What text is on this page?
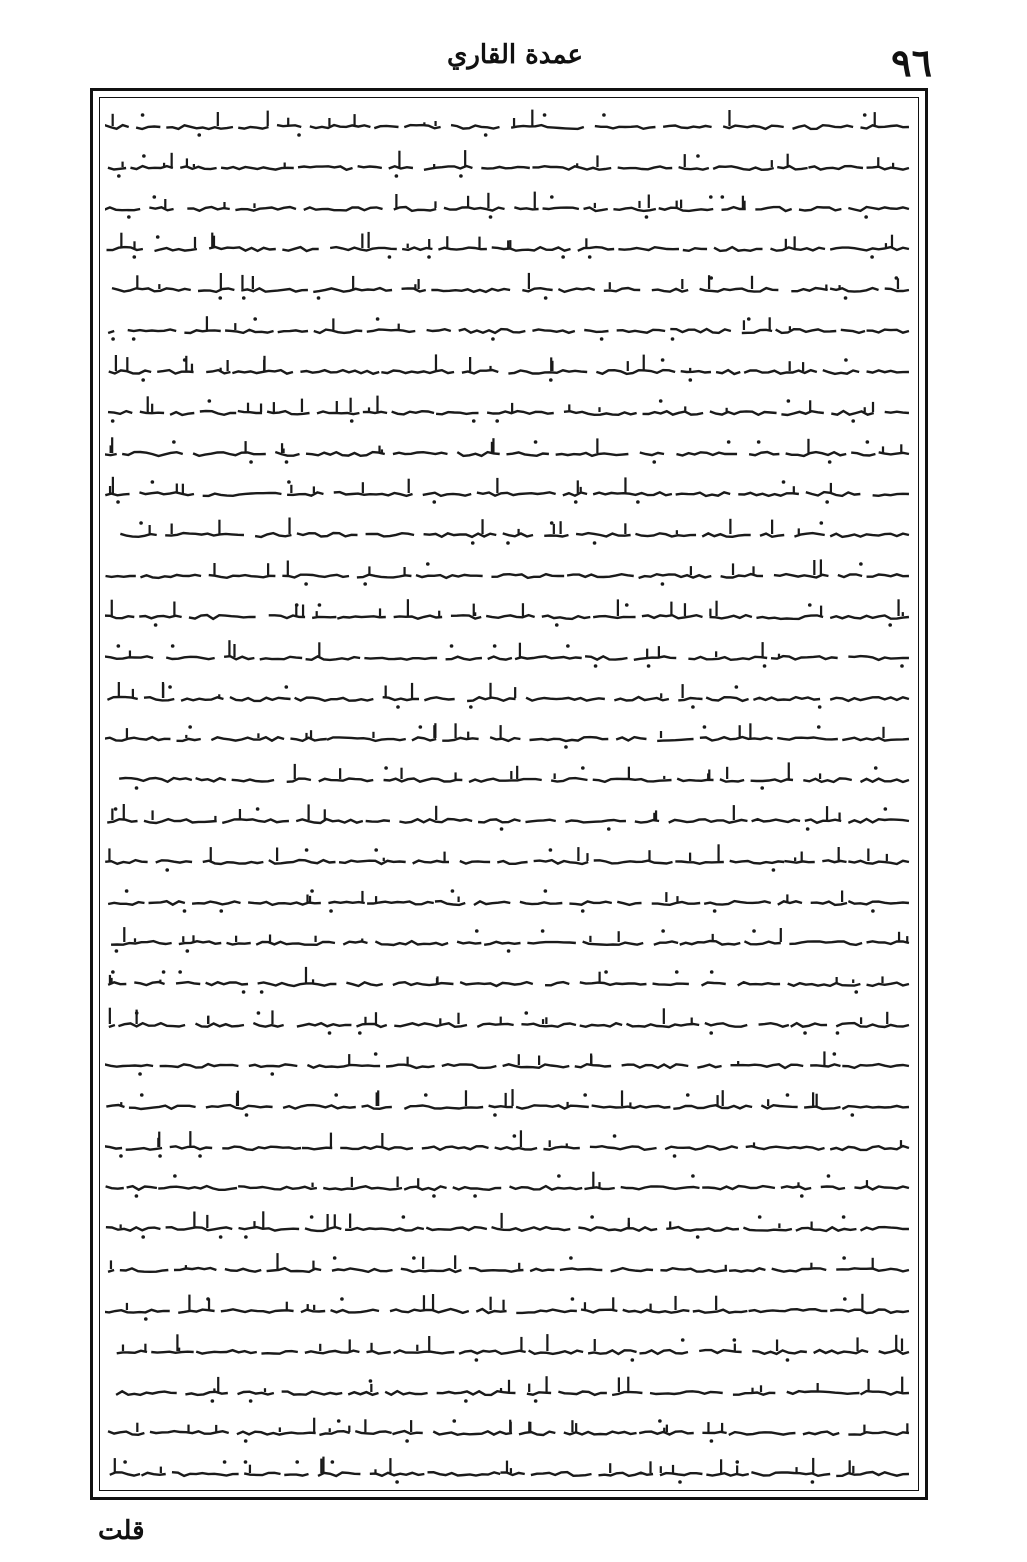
عمدة القاري	٩٦
قلت
